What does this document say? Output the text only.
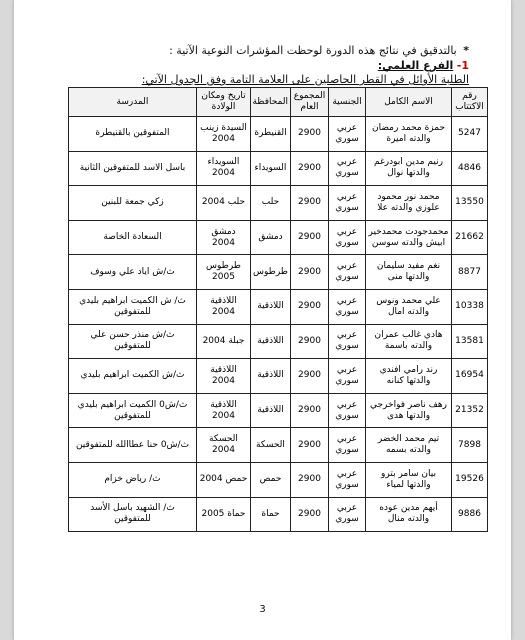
* بالتدقيق في نتائج هذه الدورة لوحظت المؤشرات النوعية الآتية :
1- الفرع العلمي:
الطلبة الأوائل في القطر الحاصلين على العلامة التامة وفق الجدول الآتي:
رقم الاكتتاب	الاسم الكامل	الجنسية	المجموع العام	المحافظة	تاريخ ومكان الولادة	المدرسة
5247	حمزة محمد رمضان والدته اميرة	عربي سوري	2900	القنيطرة	السيدة زينب 2004	المتفوقين بالقنيطرة
4846	رنيم مدين ابودرغم والدتها نوال	عربي سوري	2900	السويداء	السويداء 2004	باسل الاسد للمتفوقين الثانية
13550	محمد نور محمود علوزي والدته علا	عربي سوري	2900	حلب	حلب 2004	زكي جمعة للبنين
21662	محمدجودت محمدخير ابيش والدته سوسن	عربي سوري	2900	دمشق	دمشق 2004	السعادة الخاصة
8877	نغم مفيد سليمان والدتها منى	عربي سوري	2900	طرطوس	طرطوس 2005	ث/ش اياد علي وسوف
10338	علي محمد ونوس والدته امال	عربي سوري	2900	اللاذقية	اللاذقية 2004	ث/ ش الكميت ابراهيم بليدي للمتفوقين
13581	هادي غالب عمران والدته باسمة	عربي سوري	2900	اللاذقية	جبلة 2004	ث/ش منذر حسن علي للمتفوقين
16954	رند رامي افندي والدتها كنانه	عربي سوري	2900	اللاذقية	اللاذقية 2004	ث/ش الكميت ابراهيم بليدي
21352	رهف ناصر فواخرجي والدتها هدى	عربي سوري	2900	اللاذقية	اللاذقية 2004	ث/ش0 الكميت ابراهيم بليدي للمتفوقين
7898	تيم محمد الخضر والدته بسمه	عربي سوري	2900	الحسكة	الحسكة 2004	ث/ش0 حنا عطاالله للمتفوقين
19526	بيان سامر بترو والدتها لمياء	عربي سوري	2900	حمص	حمص 2004	ث/ رياض خزام
9886	أيهم مدين عوده والدته منال	عربي سوري	2900	حماة	حماة 2005	ث/ الشهيد باسل الأسد للمتفوقين
3
